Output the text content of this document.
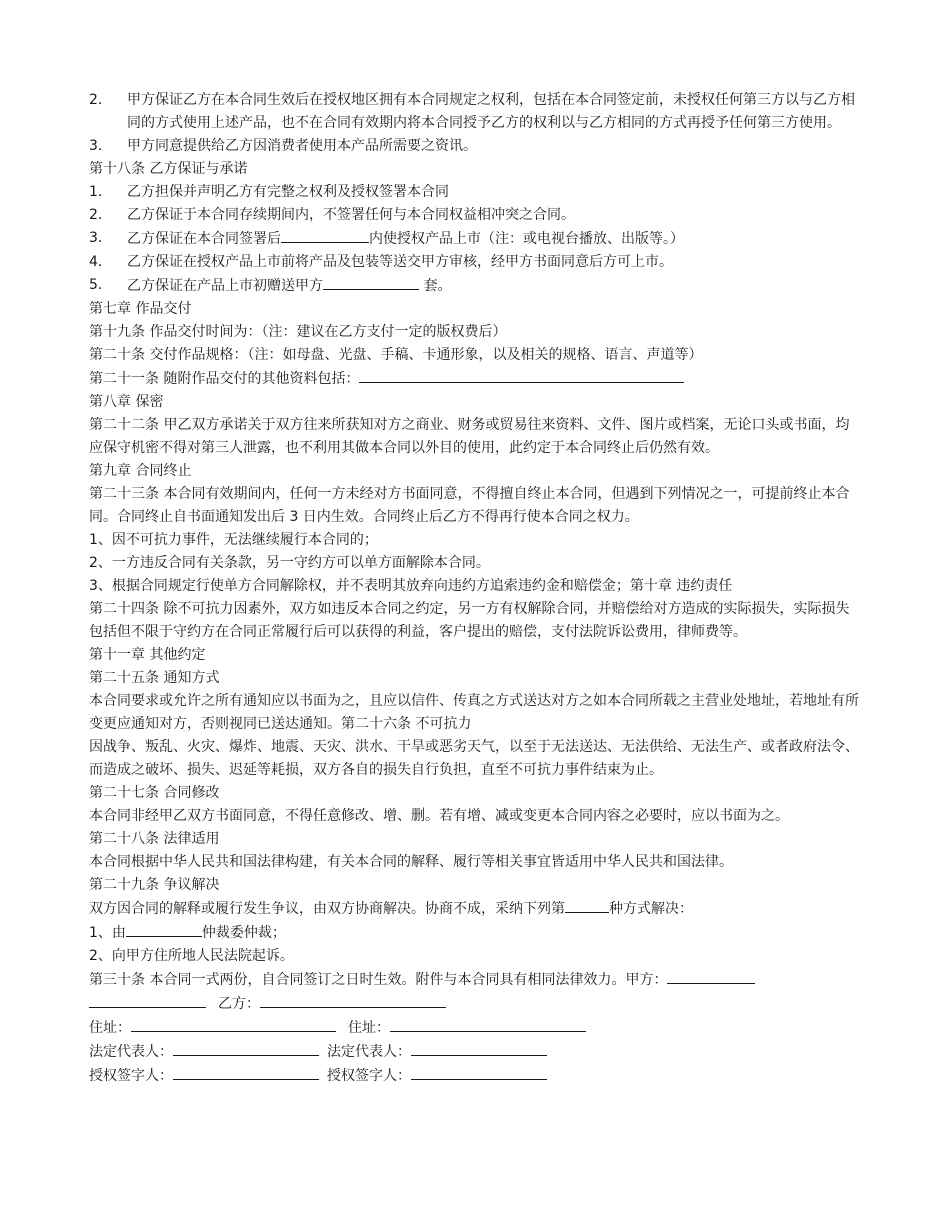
2．	甲方保证乙方在本合同生效后在授权地区拥有本合同规定之权利，包括在本合同签定前，未授权任何第三方以与乙方相同的方式使用上述产品，也不在合同有效期内将本合同授予乙方的权利以与乙方相同的方式再授予任何第三方使用。
3．	甲方同意提供给乙方因消费者使用本产品所需要之资讯。
第十八条 乙方保证与承诺
1．	乙方担保并声明乙方有完整之权利及授权签署本合同
2．	乙方保证于本合同存续期间内，不签署任何与本合同权益相冲突之合同。
3．	乙方保证在本合同签署后	内使授权产品上市（注：或电视台播放、出版等。）
4．	乙方保证在授权产品上市前将产品及包装等送交甲方审核，经甲方书面同意后方可上市。
5．	乙方保证在产品上市初赠送甲方	套。
第七章 作品交付
第十九条 作品交付时间为：（注：建议在乙方支付一定的版权费后）
第二十条 交付作品规格：（注：如母盘、光盘、手稿、卡通形象，以及相关的规格、语言、声道等）
第二十一条 随附作品交付的其他资料包括：
第八章 保密
第二十二条 甲乙双方承诺关于双方往来所获知对方之商业、财务或贸易往来资料、文件、图片或档案，无论口头或书面，均应保守机密不得对第三人泄露，也不利用其做本合同以外目的使用，此约定于本合同终止后仍然有效。
第九章 合同终止
第二十三条 本合同有效期间内，任何一方未经对方书面同意，不得擅自终止本合同，但遇到下列情况之一，可提前终止本合同。合同终止自书面通知发出后 3 日内生效。合同终止后乙方不得再行使本合同之权力。
1、因不可抗力事件，无法继续履行本合同的；
2、一方违反合同有关条款，另一守约方可以单方面解除本合同。
3、根据合同规定行使单方合同解除权，并不表明其放弃向违约方追索违约金和赔偿金；第十章 违约责任
第二十四条 除不可抗力因素外，双方如违反本合同之约定，另一方有权解除合同，并赔偿给对方造成的实际损失，实际损失包括但不限于守约方在合同正常履行后可以获得的利益，客户提出的赔偿，支付法院诉讼费用，律师费等。
第十一章 其他约定
第二十五条 通知方式
本合同要求或允许之所有通知应以书面为之，且应以信件、传真之方式送达对方之如本合同所载之主营业处地址，若地址有所变更应通知对方，否则视同已送达通知。第二十六条 不可抗力
因战争、叛乱、火灾、爆炸、地震、天灾、洪水、干旱或恶劣天气，以至于无法送达、无法供给、无法生产、或者政府法令、而造成之破坏、损失、迟延等耗损，双方各自的损失自行负担，直至不可抗力事件结束为止。
第二十七条 合同修改
本合同非经甲乙双方书面同意，不得任意修改、增、删。若有增、减或变更本合同内容之必要时，应以书面为之。
第二十八条 法律适用
本合同根据中华人民共和国法律构建，有关本合同的解释、履行等相关事宜皆适用中华人民共和国法律。
第二十九条 争议解决
双方因合同的解释或履行发生争议，由双方协商解决。协商不成，采纳下列第	种方式解决：
1、由	仲裁委仲裁；
2、向甲方住所地人民法院起诉。
第三十条 本合同一式两份，自合同签订之日时生效。附件与本合同具有相同法律效力。甲方：
乙方：
住址：	住址：
法定代表人：	法定代表人：
授权签字人：	授权签字人：
